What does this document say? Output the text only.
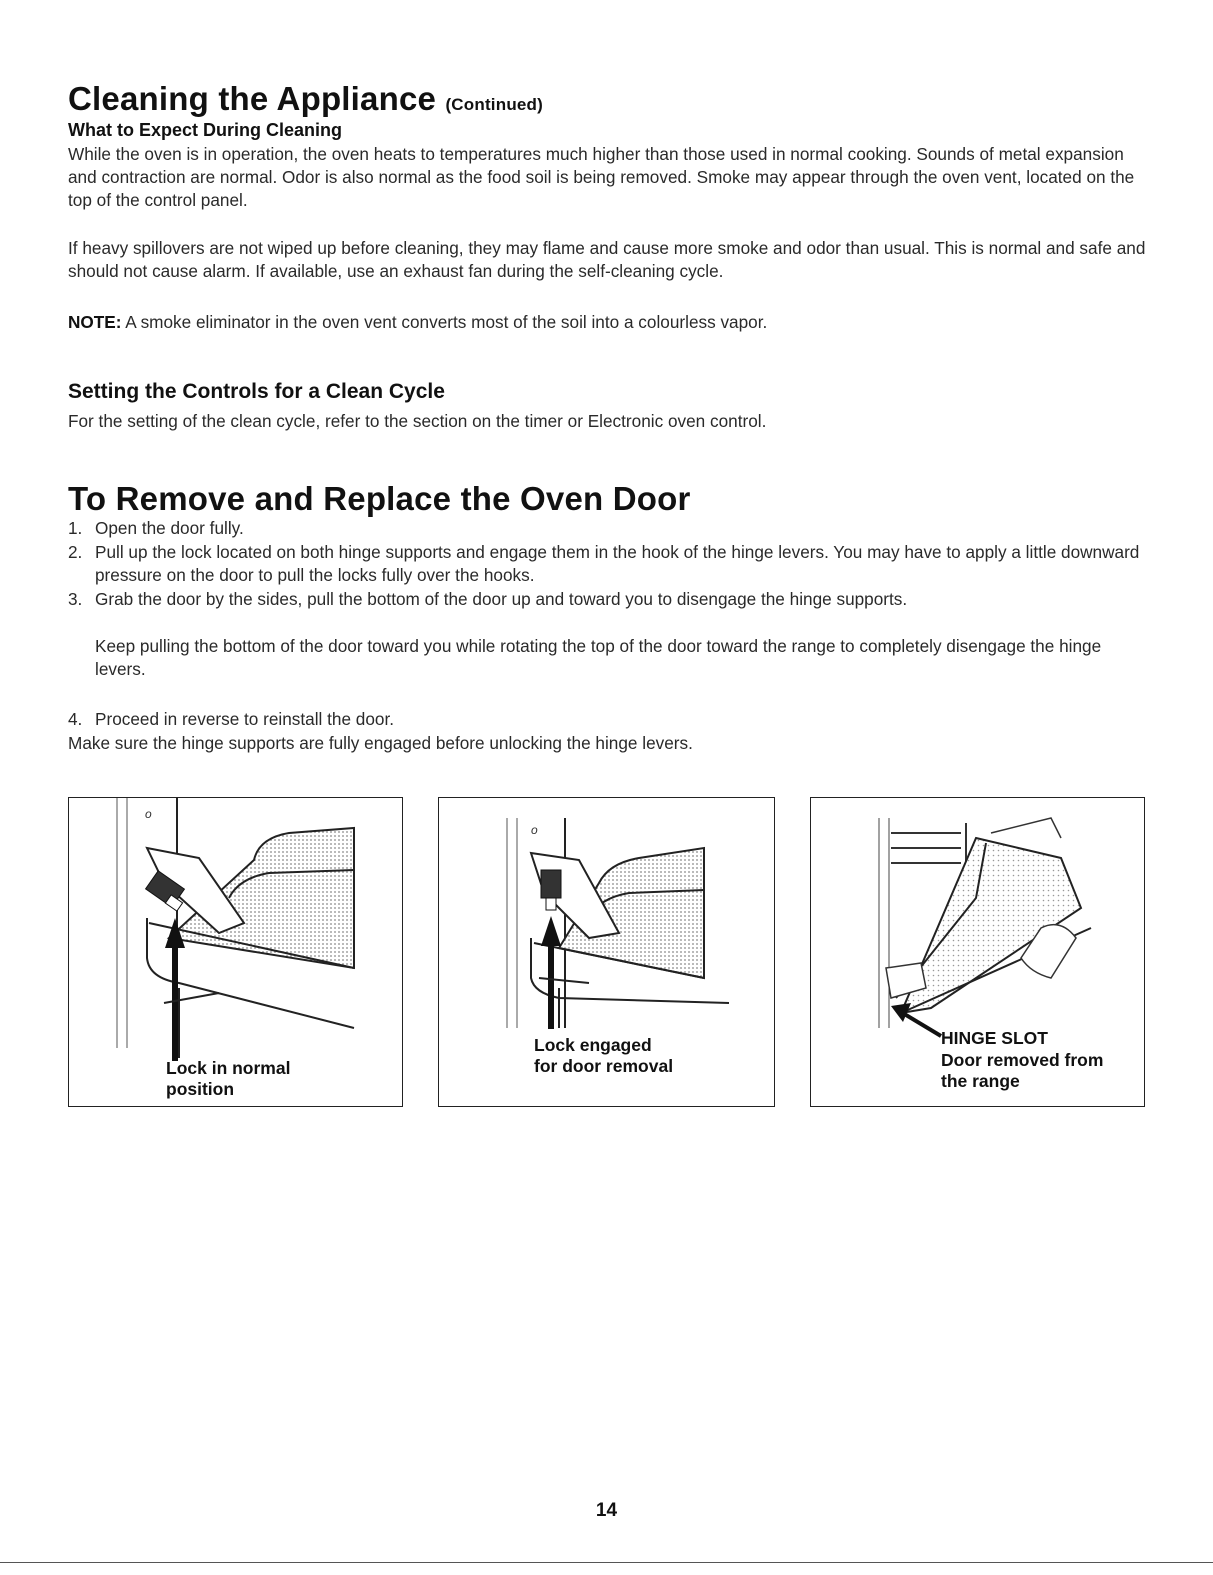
Cleaning the Appliance (Continued)
What to Expect During Cleaning
While the oven is in operation, the oven heats to temperatures much higher than those used in normal cooking. Sounds of metal expansion and contraction are normal. Odor is also normal as the food soil is being removed. Smoke may appear through the oven vent, located on the top of the control panel.
If heavy spillovers are not wiped up before cleaning, they may flame and cause more smoke and odor than usual. This is normal and safe and should not cause alarm. If available, use an exhaust fan during the self-cleaning cycle.
NOTE: A smoke eliminator in the oven vent converts most of the soil into a colourless vapor.
Setting the Controls for a Clean Cycle
For the setting of the clean cycle, refer to the section on the timer or Electronic oven control.
To Remove and Replace the Oven Door
1. Open the door fully.
2. Pull up the lock located on both hinge supports and engage them in the hook of the hinge levers. You may have to apply a little downward pressure on the door to pull the locks fully over the hooks.
3. Grab the door by the sides, pull the bottom of the door up and toward you to disengage the hinge supports.
Keep pulling the bottom of the door toward you while rotating the top of the door toward the range to completely disengage the hinge levers.
4. Proceed in reverse to reinstall the door.
Make sure the hinge supports are fully engaged before unlocking the hinge levers.
o
Lock in normal
position
o
Lock engaged
for door removal
HINGE SLOT
Door removed from
the range
14
